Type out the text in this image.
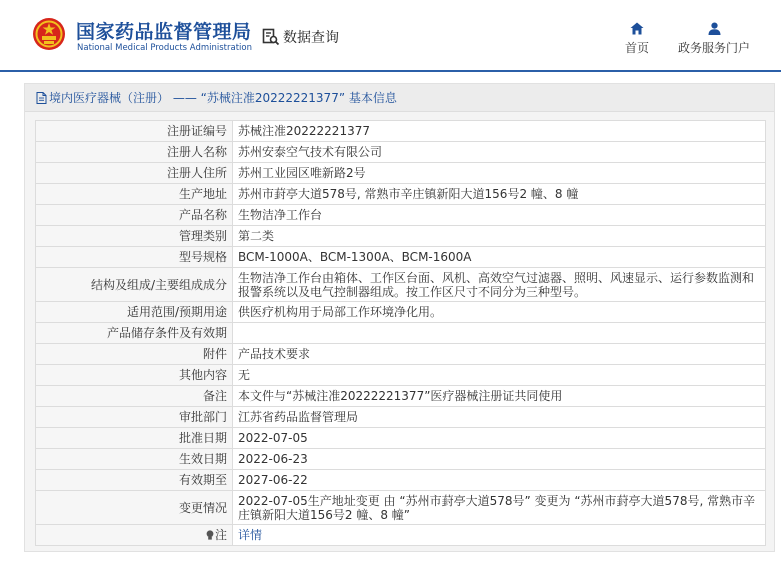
国家药品监督管理局
National Medical Products Administration
数据查询
首页 政务服务门户
境内医疗器械（注册） —— “苏械注准20222221377” 基本信息
注册证编号	苏械注准20222221377
注册人名称	苏州安泰空气技术有限公司
注册人住所	苏州工业园区唯新路2号
生产地址	苏州市葑亭大道578号, 常熟市辛庄镇新阳大道156号2 幢、8 幢
产品名称	生物洁净工作台
管理类别	第二类
型号规格	BCM-1000A、BCM-1300A、BCM-1600A
结构及组成/主要组成成分	生物洁净工作台由箱体、工作区台面、风机、高效空气过滤器、照明、风速显示、运行参数监测和报警系统以及电气控制器组成。按工作区尺寸不同分为三种型号。
适用范围/预期用途	供医疗机构用于局部工作环境净化用。
产品储存条件及有效期	
附件	产品技术要求
其他内容	无
备注	本文件与“苏械注准20222221377”医疗器械注册证共同使用
审批部门	江苏省药品监督管理局
批准日期	2022-07-05
生效日期	2022-06-23
有效期至	2027-06-22
变更情况	2022-07-05生产地址变更 由 “苏州市葑亭大道578号” 变更为 “苏州市葑亭大道578号, 常熟市辛庄镇新阳大道156号2 幢、8 幢”
注	详情
